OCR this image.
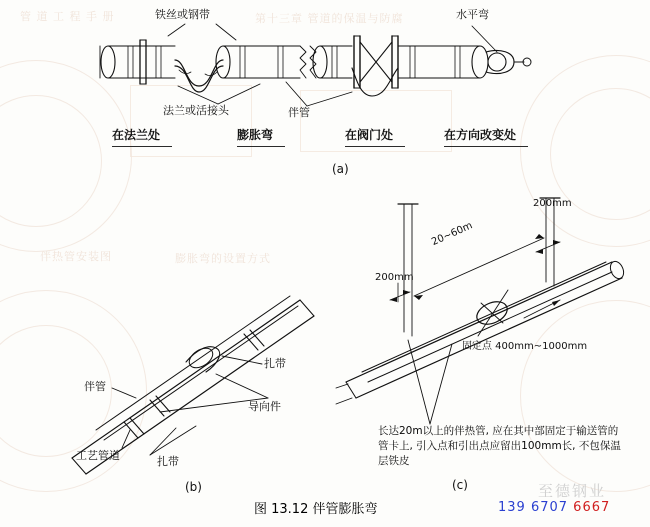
管 道 工 程 手 册	第十三章 管道的保温与防腐
伴热管安装图	膨胀弯的设置方式
铁丝或钢带	水平弯
法兰或活接头	伴管
在法兰处	膨胀弯	在阀门处	在方向改变处
(a)
伴管
扎带
导向件
工艺管道	扎带
(b)
200mm
20~60m
200mm
固定点 400mm~1000mm
长达20m以上的伴热管, 应在其中部固定于输送管的管卡上, 引入点和引出点应留出100mm长, 不包保温层铁皮
(c)
图 13.12 伴管膨胀弯
至德钢业
139 6707 6667
